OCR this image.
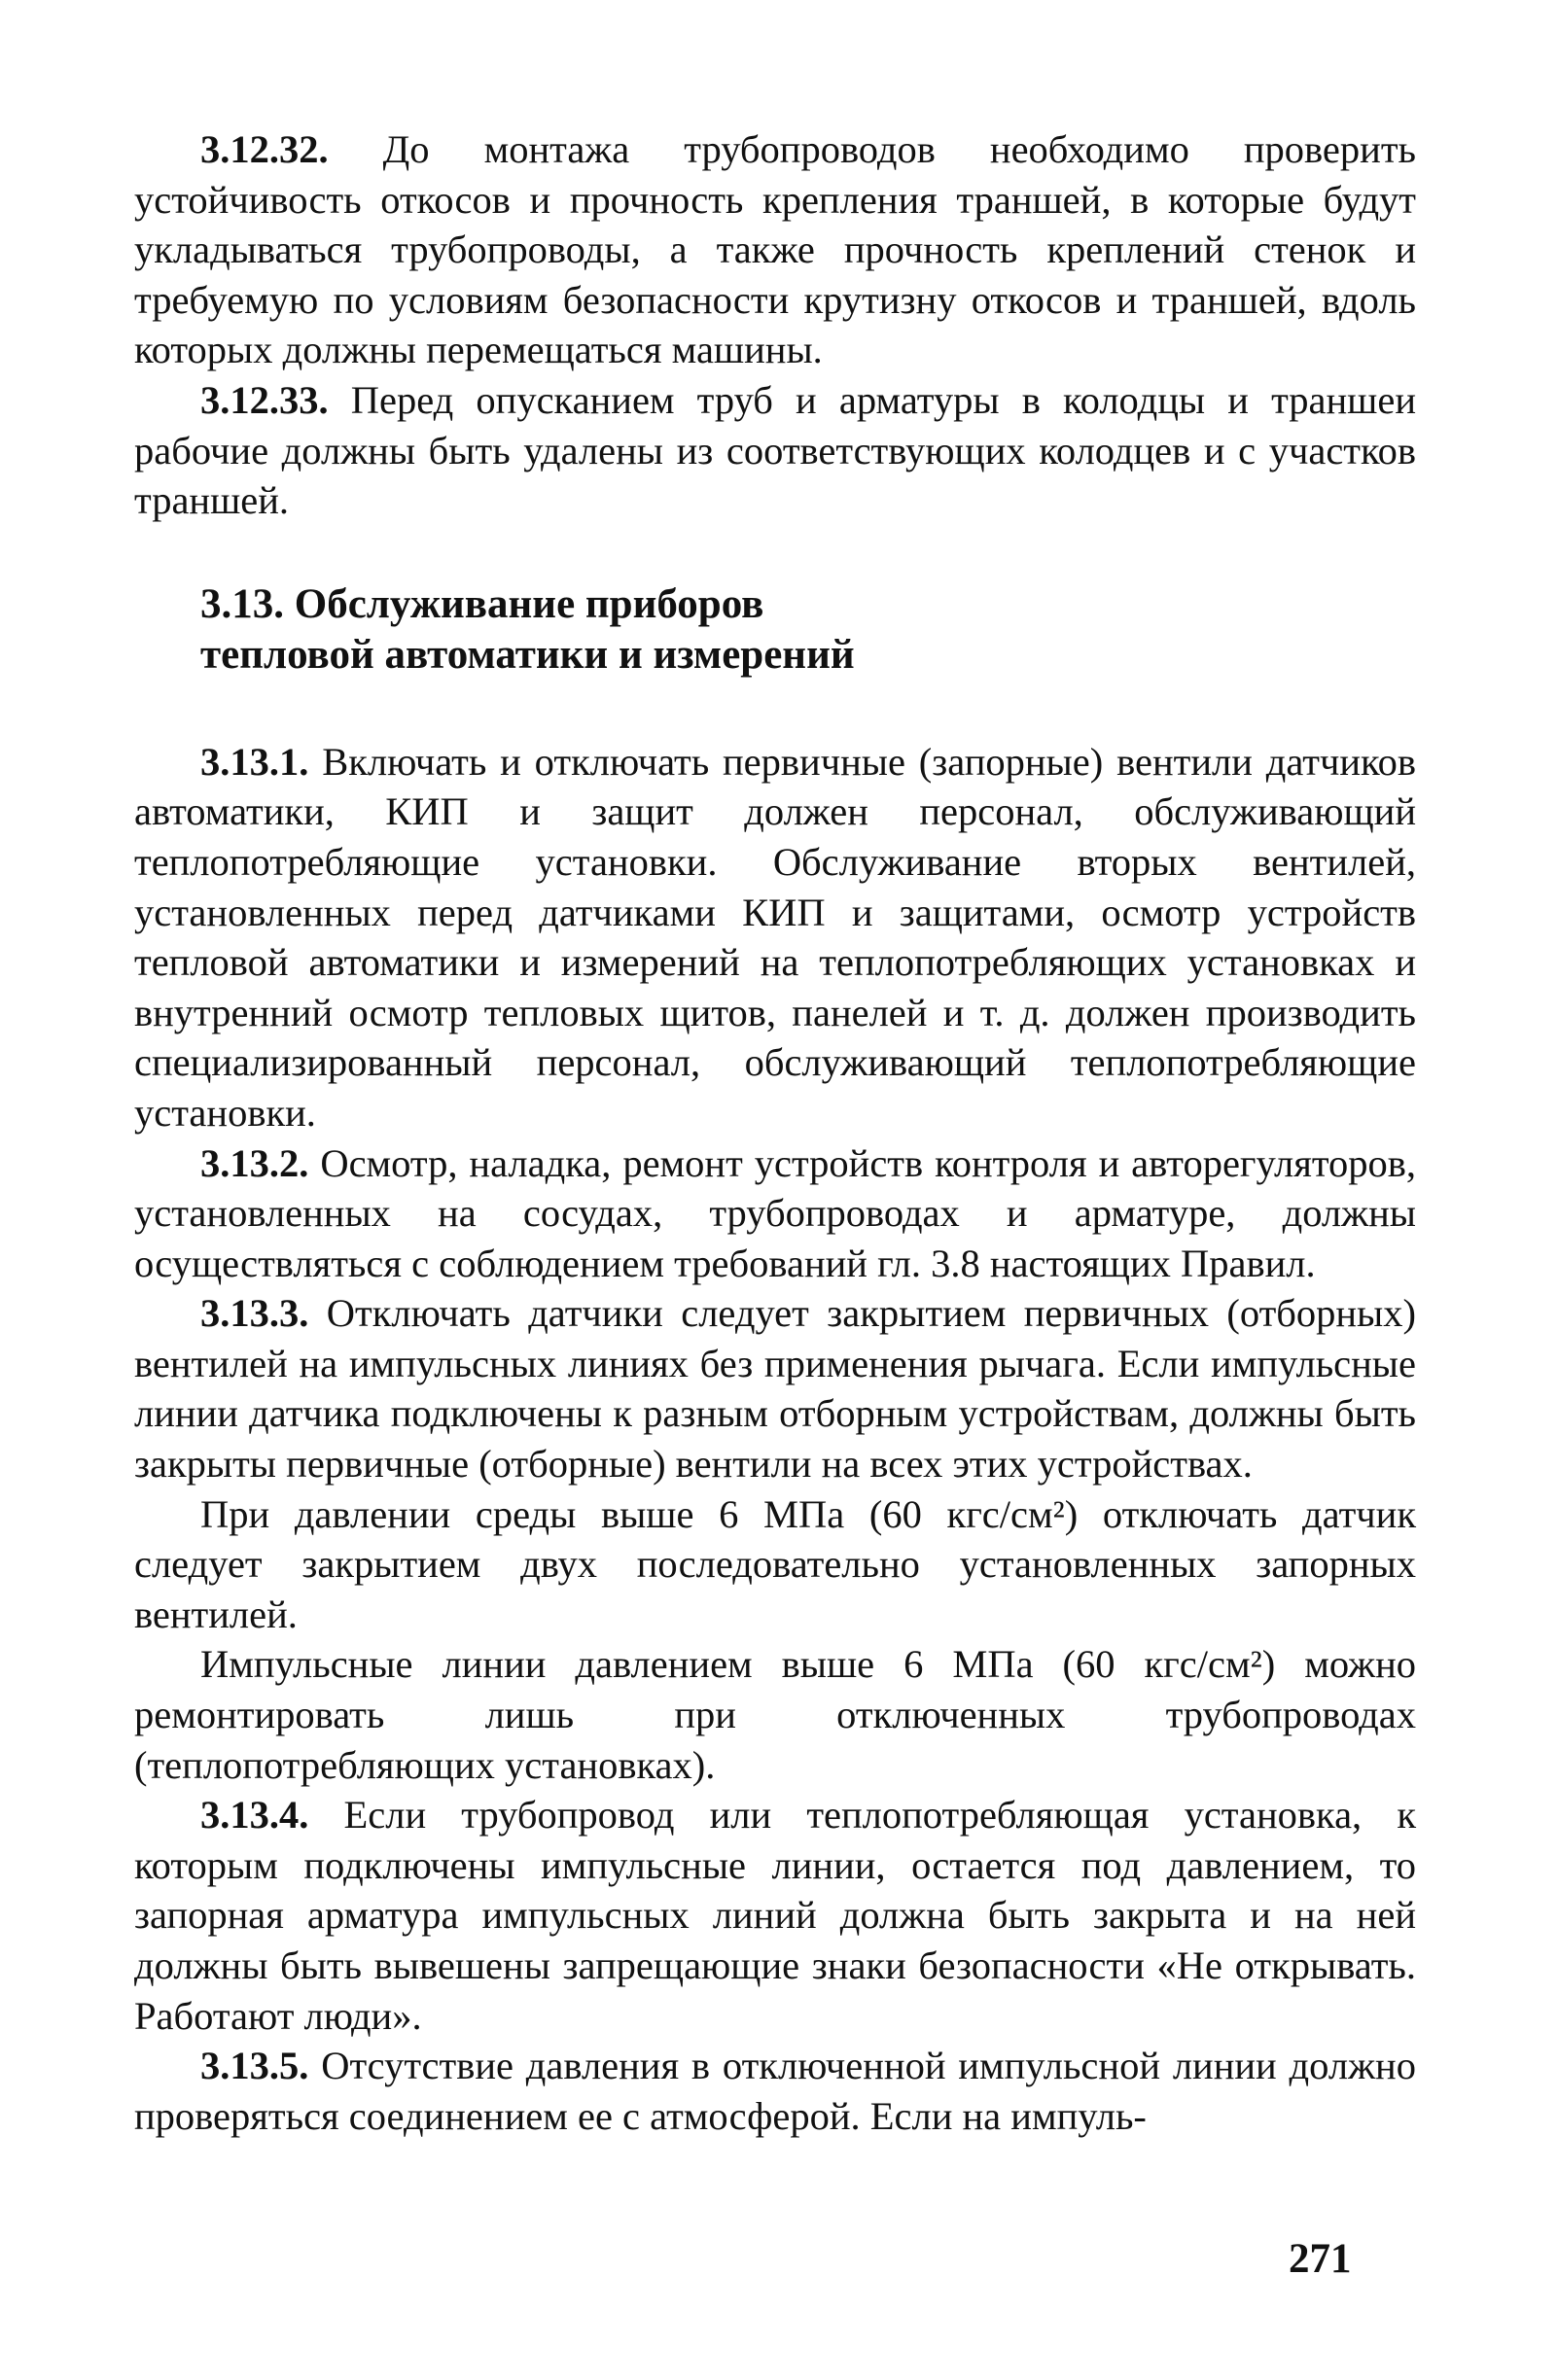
3.12.32. До монтажа трубопроводов необходимо проверить устойчивость откосов и прочность крепления траншей, в которые будут укладываться трубопроводы, а также прочность креплений стенок и требуемую по условиям безопасности крутизну откосов и траншей, вдоль которых должны перемещаться машины.

3.12.33. Перед опусканием труб и арматуры в колодцы и траншеи рабочие должны быть удалены из соответствующих колодцев и с участков траншей.

3.13. Обслуживание приборов
тепловой автоматики и измерений

3.13.1. Включать и отключать первичные (запорные) вентили датчиков автоматики, КИП и защит должен персонал, обслуживающий теплопотребляющие установки. Обслуживание вторых вентилей, установленных перед датчиками КИП и защитами, осмотр устройств тепловой автоматики и измерений на теплопотребляющих установках и внутренний осмотр тепловых щитов, панелей и т. д. должен производить специализированный персонал, обслуживающий теплопотребляющие установки.

3.13.2. Осмотр, наладка, ремонт устройств контроля и авторегуляторов, установленных на сосудах, трубопроводах и арматуре, должны осуществляться с соблюдением требований гл. 3.8 настоящих Правил.

3.13.3. Отключать датчики следует закрытием первичных (отборных) вентилей на импульсных линиях без применения рычага. Если импульсные линии датчика подключены к разным отборным устройствам, должны быть закрыты первичные (отборные) вентили на всех этих устройствах.

При давлении среды выше 6 МПа (60 кгс/см²) отключать датчик следует закрытием двух последовательно установленных запорных вентилей.

Импульсные линии давлением выше 6 МПа (60 кгс/см²) можно ремонтировать лишь при отключенных трубопроводах (теплопотребляющих установках).

3.13.4. Если трубопровод или теплопотребляющая установка, к которым подключены импульсные линии, остается под давлением, то запорная арматура импульсных линий должна быть закрыта и на ней должны быть вывешены запрещающие знаки безопасности «Не открывать. Работают люди».

3.13.5. Отсутствие давления в отключенной импульсной линии должно проверяться соединением ее с атмосферой. Если на импуль-

271
